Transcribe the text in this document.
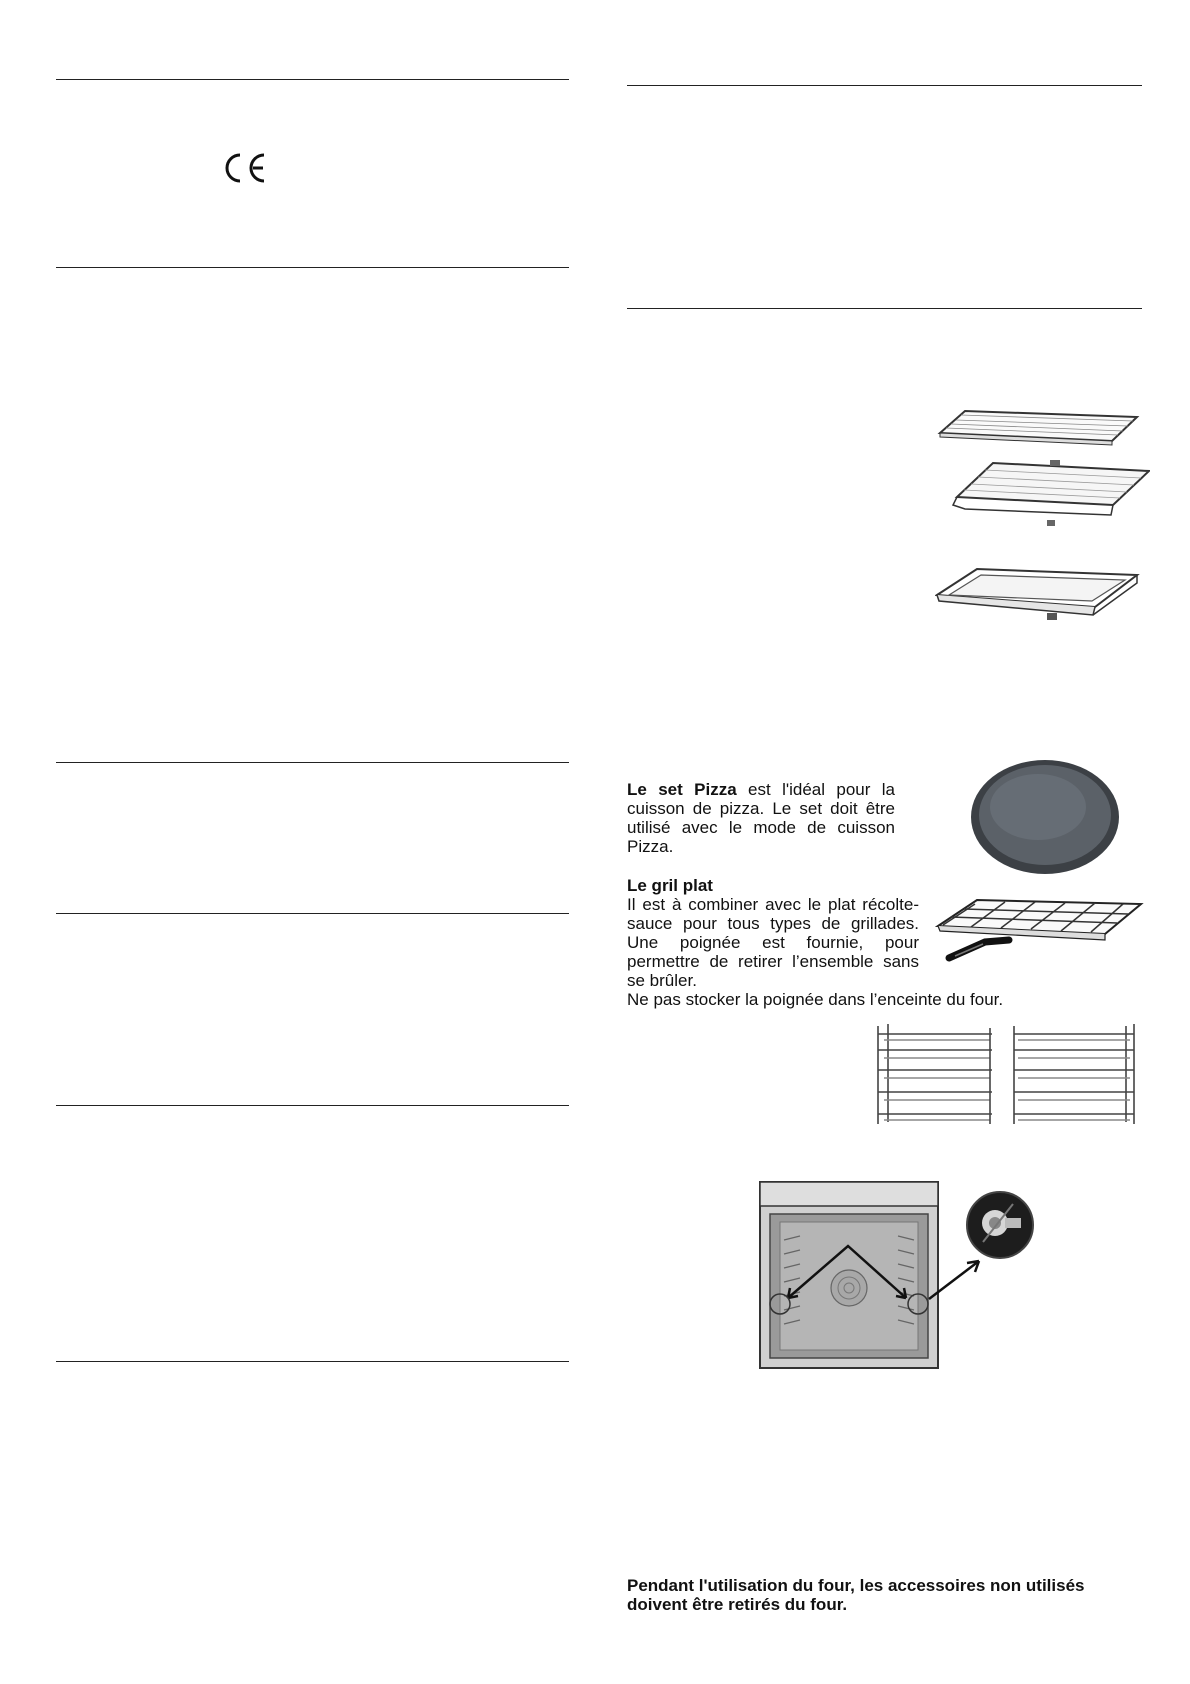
Le set Pizza est l'idéal pour la cuisson de pizza. Le set doit être utilisé avec le mode de cuisson Pizza.
Le gril plat
Il est à combiner avec le plat récolte-sauce pour tous types de grillades. Une poignée est fournie, pour permettre de retirer l’ensemble sans se brûler.
Ne pas stocker la poignée dans l’enceinte du four.
Pendant l'utilisation du four, les accessoires non utilisés doivent être retirés du four.
